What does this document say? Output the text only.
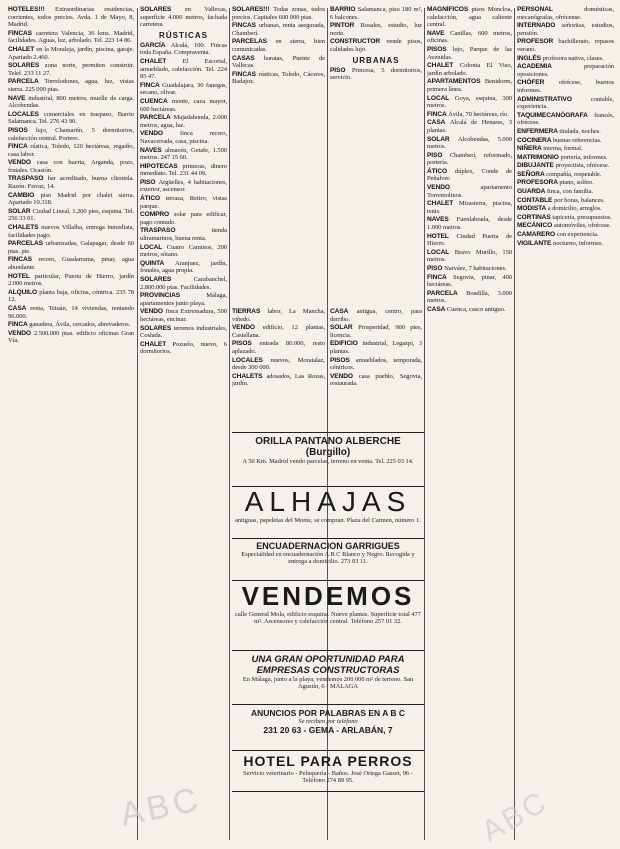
HOTELES!!! Extraordinarias residencias, corrientes, todos precios. Avda. 1 de Mayo, 8, Madrid.

FINCAS carretera Valencia, 36 kms. Madrid, facilidades. Aguas, luz, arbolado. Tel. 223 14 86.

CHALET en la Moraleja, jardín, piscina, garaje. Apartado 2.460.

SOLARES zona norte, permiten construir. Telef. 233 11 27.

PARCELA Torrelodones, agua, luz, vistas sierra. 225 000 ptas.

NAVE industrial, 800 metros, muelle de carga. Alcobendas.

LOCALES comerciales en traspaso, Barrio Salamanca. Tel. 276 43 90.

PISOS lujo, Chamartín, 5 dormitorios, calefacción central. Portero.

FINCA rústica, Toledo, 120 hectáreas, regadío, casa labor.

VENDO casa con huerta, Arganda, pozo, frutales. Ocasión.

TRASPASO bar acreditado, buena clientela. Razón: Ferraz, 14.

CAMBIO piso Madrid por chalet sierra. Apartado 10.318.

SOLAR Ciudad Lineal, 1.200 pies, esquina. Tel. 256 33 01.

CHALETS nuevos Villalba, entrega inmediata, facilidades pago.

PARCELAS urbanizadas, Galapagar, desde 60 ptas. pie.

FINCAS recreo, Guadarrama, pinar, agua abundante.

HOTEL particular, Puerta de Hierro, jardín 2.000 metros.

ALQUILO planta baja, oficina, céntrica. 235 78 12.

CASA renta, Tetuán, 14 viviendas, rentando 96.000.

FINCA ganadera, Ávila, cercados, abrevaderos.

VENDO 2.500.000 ptas. edificio oficinas Gran Vía.

SOLARES en Vallecas, superficie 4.000 metros, fachada carretera.

RÚSTICAS

GARCÍA Alcalá, 100. Fincas toda España. Compraventa.

CHALET El Escorial, amueblado, calefacción. Tel. 224 85 47.

FINCA Guadalajara, 30 fanegas, secano, olivar.

CUENCA monte, caza mayor, 600 hectáreas.

PARCELA Majadahonda, 2.000 metros, agua, luz.

VENDO finca recreo, Navacerrada, casa, piscina.

NAVES almacén, Getafe, 1.500 metros. 247 15 60.

HIPOTECAS primeras, dinero inmediato. Tel. 231 44 09.

PISO Argüelles, 4 habitaciones, exterior, ascensor.

ÁTICO terraza, Retiro, vistas parque.

COMPRO solar para edificar, pago contado.

TRASPASO tienda ultramarinos, buena renta.

LOCAL Cuatro Caminos, 200 metros, sótano.

QUINTA Aranjuez, jardín, frutales, agua propia.

SOLARES Carabanchel, 2.800.000 ptas. Facilidades.

PROVINCIAS Málaga, apartamentos junto playa.

VENDO finca Extremadura, 500 hectáreas, encinar.

SOLARES terrenos industriales, Coslada.

CHALET Pozuelo, nuevo, 6 dormitorios.

SOLARES!!! Todas zonas, todos precios. Capitales 600 000 ptas.

FINCAS urbanas, renta asegurada, Chamberí.

PARCELAS en sierra, bien comunicadas.

CASAS baratas, Puente de Vallecas.

FINCAS rústicas, Toledo, Cáceres, Badajoz.

BARRIO Salamanca, piso 180 m², 6 balcones.

PINTOR Rosales, estudio, luz norte.

CONSTRUCTOR vende pisos, calidades lujo.

URBANAS

PISO Princesa, 5 dormitorios, servicio.

MAGNÍFICOS pisos Moncloa, calefacción, agua caliente central.

NAVE Canillas, 600 metros, oficinas.

PISOS lujo, Parque de las Avenidas.

CHALET Colonia El Viso, jardín arbolado.

APARTAMENTOS Benidorm, primera línea.

LOCAL Goya, esquina, 300 metros.

FINCA Ávila, 70 hectáreas, río.

CASA Alcalá de Henares, 3 plantas.

SOLAR Alcobendas, 5.000 metros.

PISO Chamberí, reformado, portería.

ÁTICO dúplex, Conde de Peñalver.

VENDO apartamento Torremolinos.

CHALET Mirasierra, piscina, tenis.

NAVES Fuenlabrada, desde 1.000 metros.

HOTEL Ciudad Puerta de Hierro.

LOCAL Bravo Murillo, 150 metros.

PISO Narváez, 7 habitaciones.

FINCA Segovia, pinar, 400 hectáreas.

PARCELA Boadilla, 3.000 metros.

CASA Cuenca, casco antiguo.

PERSONAL domésticas, mecanógrafas, ofrécense.

INTERNADO señoritas, estudios, pensión.

PROFESOR bachillerato, repasos verano.

INGLÉS profesora nativa, clases.

ACADEMIA preparación oposiciones.

CHÓFER ofrécese, buenos informes.

ADMINISTRATIVO contable, experiencia.

TAQUIMECANÓGRAFA francés, ofrécese.

ENFERMERA titulada, noches.

COCINERA buenas referencias.

NIÑERA interna, formal.

MATRIMONIO portería, informes.

DIBUJANTE proyectista, ofrécese.

SEÑORA compañía, respetable.

PROFESORA piano, solfeo.

GUARDA finca, con familia.

CONTABLE por horas, balances.

MODISTA a domicilio, arreglos.

CORTINAS tapicería, presupuestos.

MECÁNICO automóviles, ofrécese.

CAMARERO con experiencia.

VIGILANTE nocturno, informes.

ORILLA PANTANO ALBERCHE (Burgillo)

A 50 Km. Madrid vendo parcelas, terreno en venta. Tel. 225 03 14.

ALHAJAS

antiguas, papeletas del Monte, se compran. Plaza del Carmen, número 1.

ENCUADERNACION GARRIGUES

Especialidad en encuadernación A B C Blanco y Negro. Recogida y entrega a domicilio. 273 03 11.

VENDEMOS

calle General Mola, edificio esquina. Nueve plantas. Superficie total 477 m². Ascensores y calefacción central. Teléfono 257 01 32.

UNA GRAN OPORTUNIDAD PARA EMPRESAS CONSTRUCTORAS

En Málaga, junto a la playa, vendemos 200 000 m² de terreno. San Agustín, 6 - MÁLAGA

ANUNCIOS POR PALABRAS EN A B C

Se reciben por teléfono

231 20 63 - GEMA - ARLABÁN, 7

HOTEL PARA PERROS

Servicio veterinario - Peluquería - Baños. José Ortega Gasset, 96 - Teléfono 274 89 95.

TIERRAS labor, La Mancha, viñedo.

VENDO edificio, 12 plantas, Castellana.

PISOS entrada 80.000, resto aplazado.

LOCALES nuevos, Moratalaz, desde 300 000.

CHALETS adosados, Las Rozas, jardín.

CASA antigua, centro, para derribo.

SOLAR Prosperidad, 900 pies, licencia.

EDIFICIO industrial, Legazpi, 3 plantas.

PISOS amueblados, temporada, céntricos.

VENDO casa pueblo, Segovia, restaurada.

ABC	ABC
